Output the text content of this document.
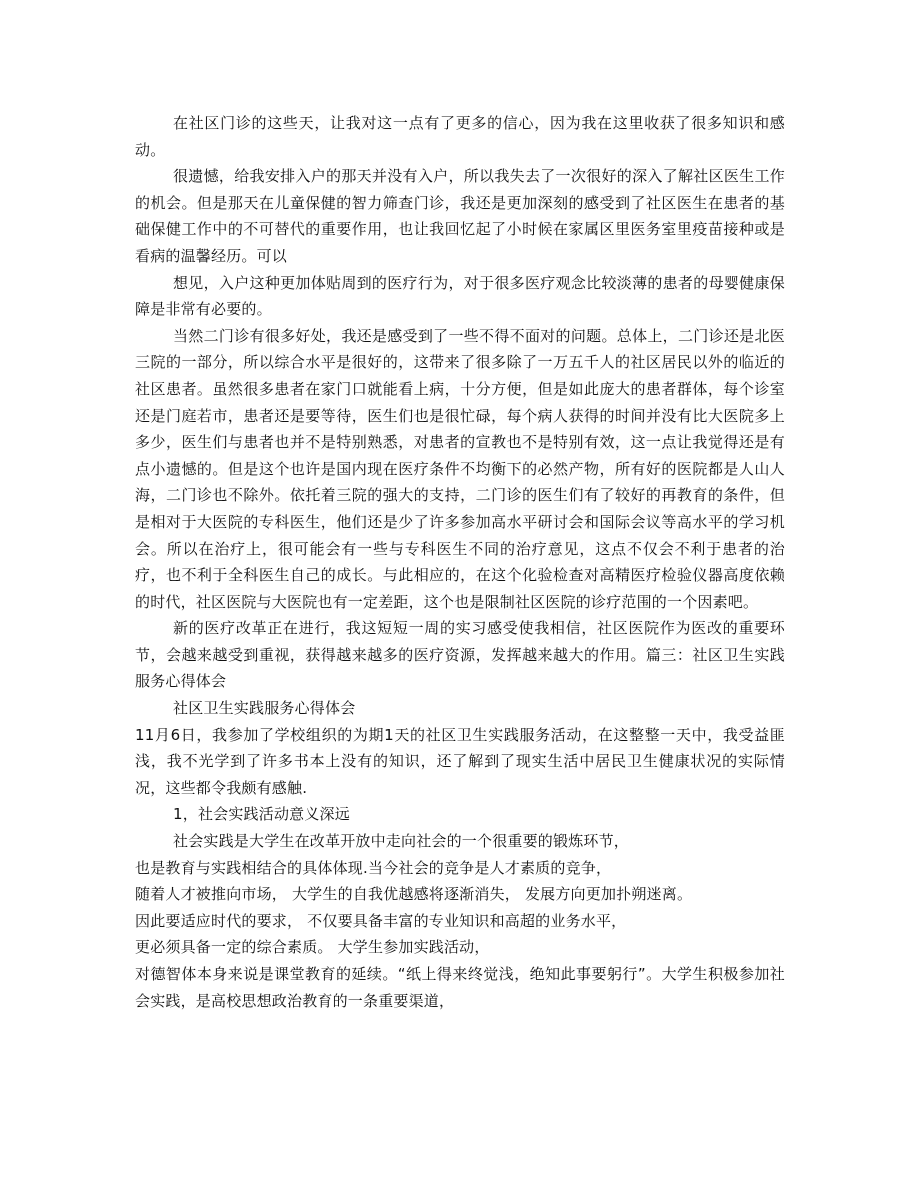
在社区门诊的这些天，让我对这一点有了更多的信心，因为我在这里收获了很多知识和感动。

很遗憾，给我安排入户的那天并没有入户，所以我失去了一次很好的深入了解社区医生工作的机会。但是那天在儿童保健的智力筛查门诊，我还是更加深刻的感受到了社区医生在患者的基础保健工作中的不可替代的重要作用，也让我回忆起了小时候在家属区里医务室里疫苗接种或是看病的温馨经历。可以

想见，入户这种更加体贴周到的医疗行为，对于很多医疗观念比较淡薄的患者的母婴健康保障是非常有必要的。

当然二门诊有很多好处，我还是感受到了一些不得不面对的问题。总体上，二门诊还是北医三院的一部分，所以综合水平是很好的，这带来了很多除了一万五千人的社区居民以外的临近的社区患者。虽然很多患者在家门口就能看上病，十分方便，但是如此庞大的患者群体，每个诊室还是门庭若市，患者还是要等待，医生们也是很忙碌，每个病人获得的时间并没有比大医院多上多少，医生们与患者也并不是特别熟悉，对患者的宣教也不是特别有效，这一点让我觉得还是有点小遗憾的。但是这个也许是国内现在医疗条件不均衡下的必然产物，所有好的医院都是人山人海，二门诊也不除外。依托着三院的强大的支持，二门诊的医生们有了较好的再教育的条件，但是相对于大医院的专科医生，他们还是少了许多参加高水平研讨会和国际会议等高水平的学习机会。所以在治疗上，很可能会有一些与专科医生不同的治疗意见，这点不仅会不利于患者的治疗，也不利于全科医生自己的成长。与此相应的，在这个化验检查对高精医疗检验仪器高度依赖的时代，社区医院与大医院也有一定差距，这个也是限制社区医院的诊疗范围的一个因素吧。

新的医疗改革正在进行，我这短短一周的实习感受使我相信，社区医院作为医改的重要环节，会越来越受到重视，获得越来越多的医疗资源，发挥越来越大的作用。篇三：社区卫生实践服务心得体会

社区卫生实践服务心得体会

11月6日，我参加了学校组织的为期1天的社区卫生实践服务活动，在这整整一天中，我受益匪浅，我不光学到了许多书本上没有的知识，还了解到了现实生活中居民卫生健康状况的实际情况，这些都令我颇有感触.

1，社会实践活动意义深远

社会实践是大学生在改革开放中走向社会的一个很重要的锻炼环节，

也是教育与实践相结合的具体体现.当今社会的竞争是人才素质的竞争，

随着人才被推向市场， 大学生的自我优越感将逐渐消失， 发展方向更加扑朔迷离。

因此要适应时代的要求， 不仅要具备丰富的专业知识和高超的业务水平，

更必须具备一定的综合素质。 大学生参加实践活动，

对德智体本身来说是课堂教育的延续。“纸上得来终觉浅，绝知此事要躬行”。大学生积极参加社会实践，是高校思想政治教育的一条重要渠道，
